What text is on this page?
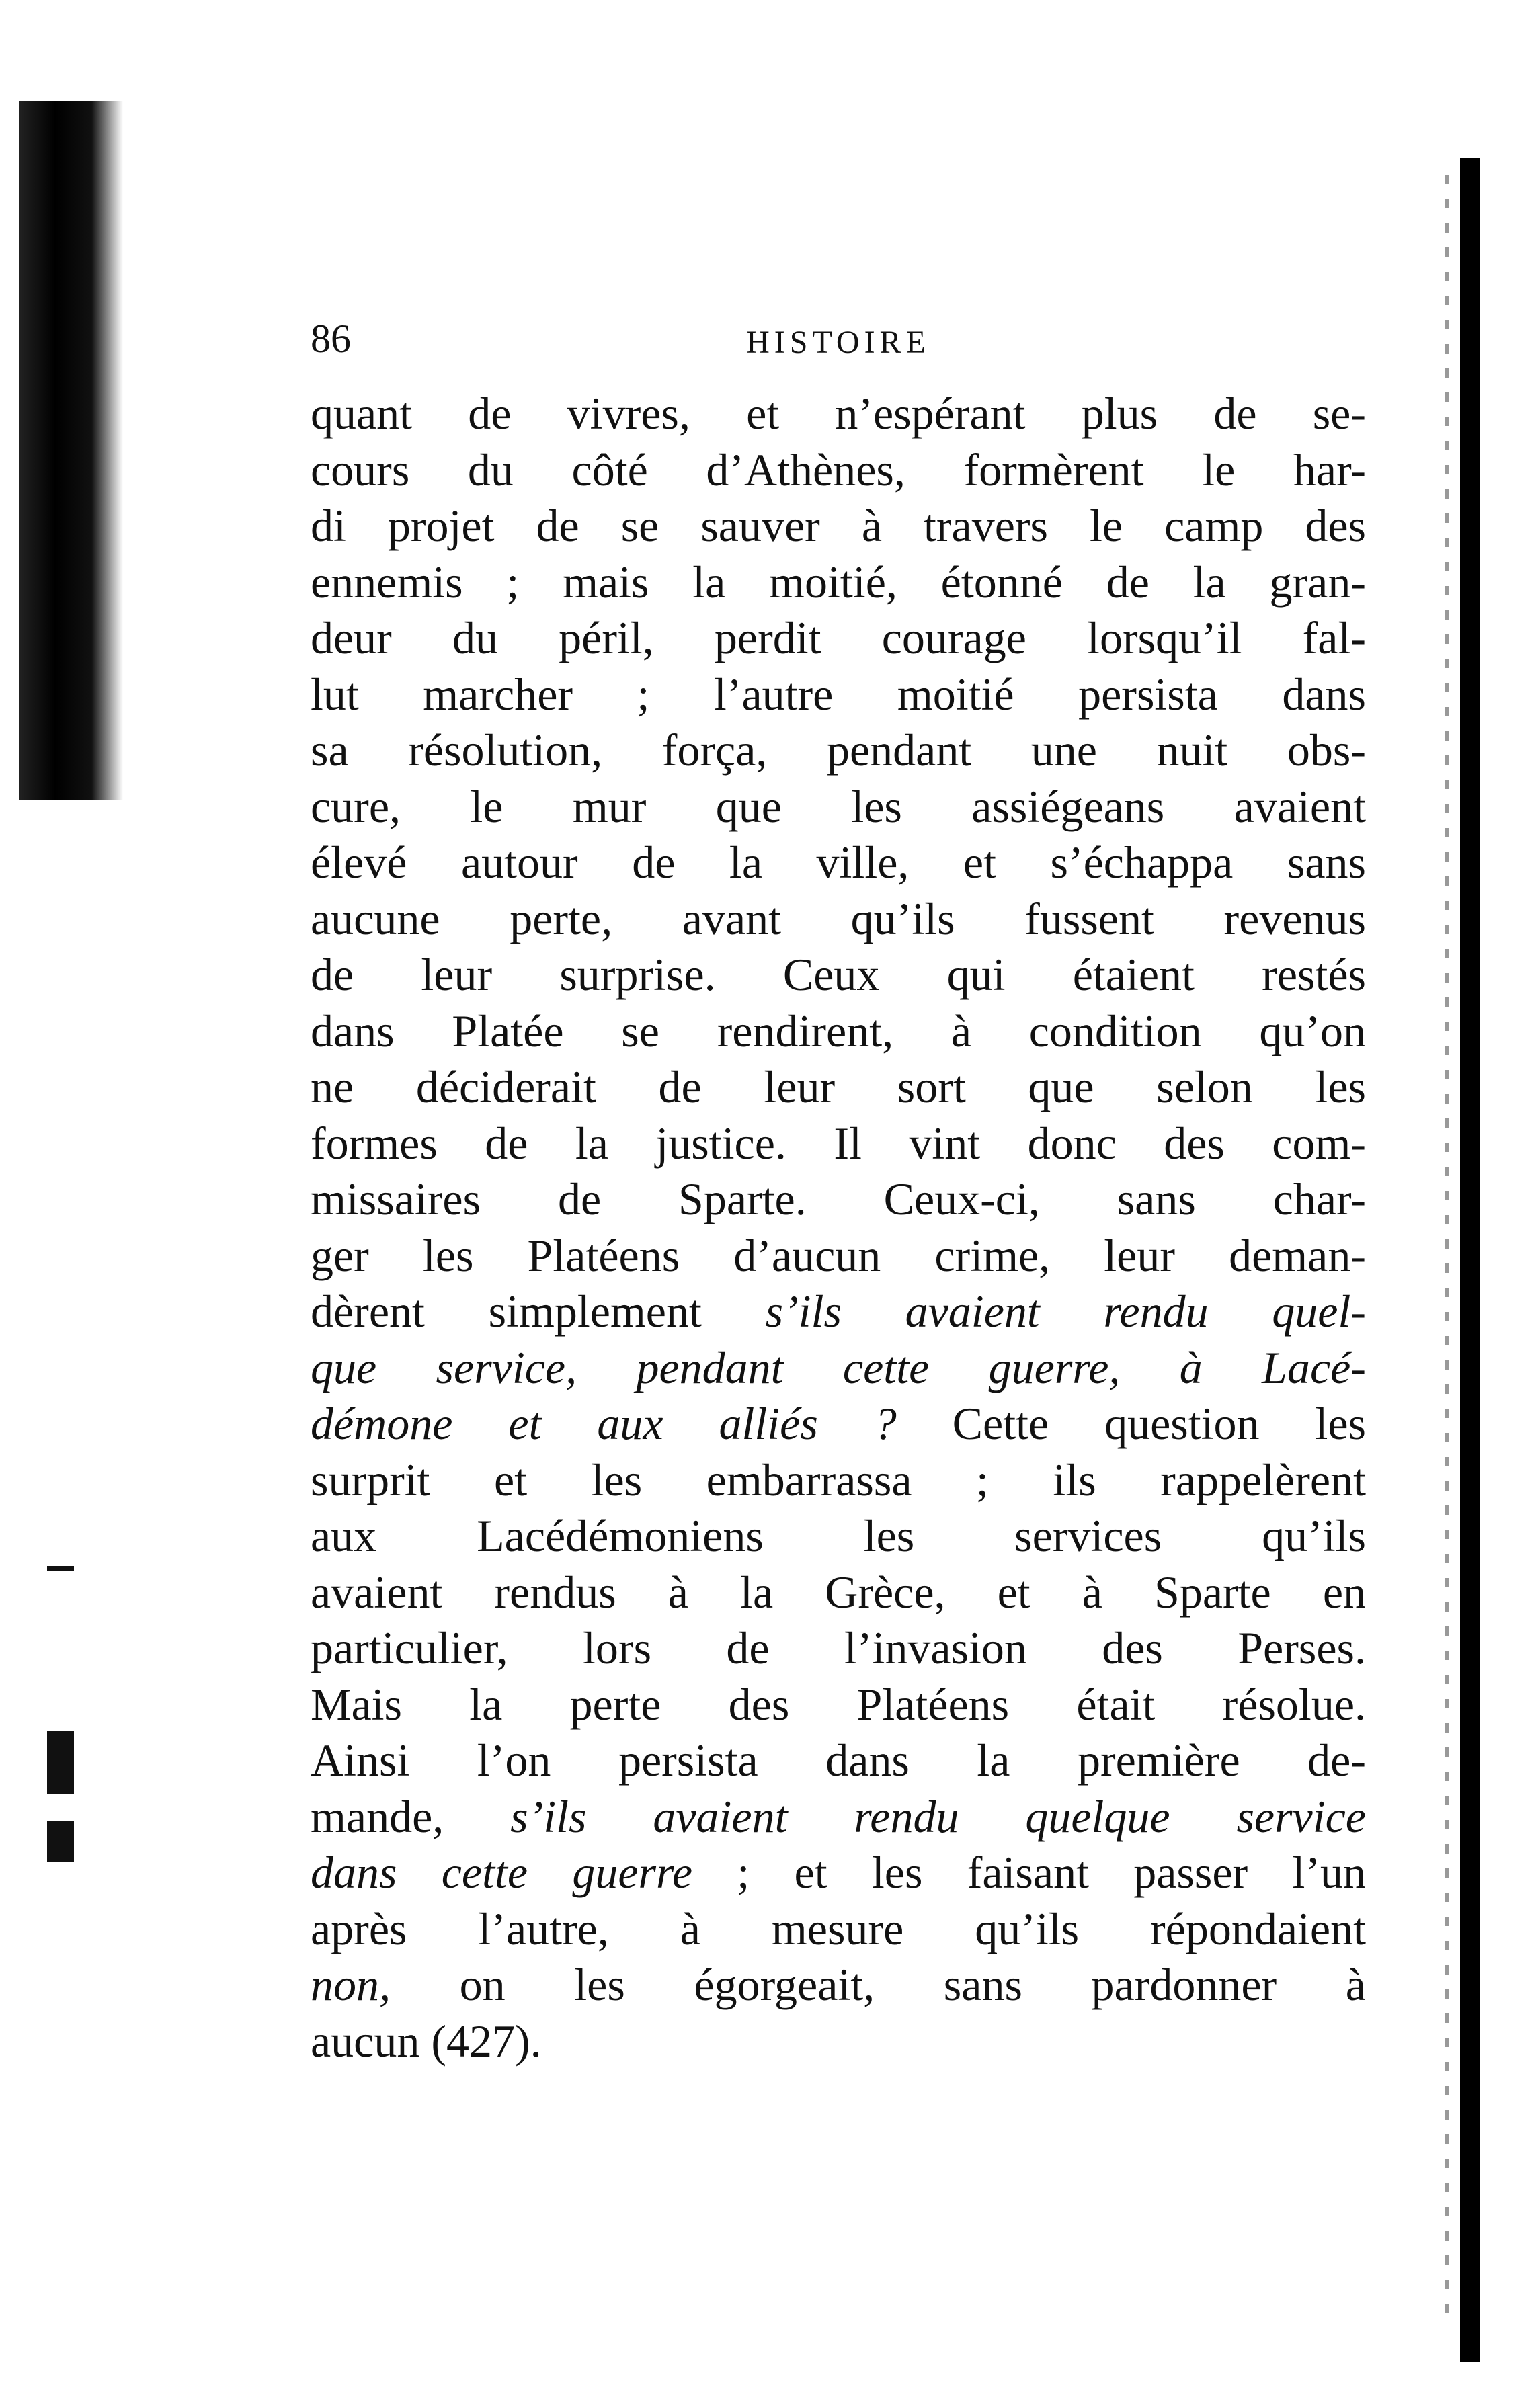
86	HISTOIRE
quant de vivres, et n’espérant plus de se-
cours du côté d’Athènes, formèrent le har-
di projet de se sauver à travers le camp des
ennemis ; mais la moitié, étonné de la gran-
deur du péril, perdit courage lorsqu’il fal-
lut marcher ; l’autre moitié persista dans
sa résolution, força, pendant une nuit obs-
cure, le mur que les assiégeans avaient
élevé autour de la ville, et s’échappa sans
aucune perte, avant qu’ils fussent revenus
de leur surprise. Ceux qui étaient restés
dans Platée se rendirent, à condition qu’on
ne déciderait de leur sort que selon les
formes de la justice. Il vint donc des com-
missaires de Sparte. Ceux-ci, sans char-
ger les Platéens d’aucun crime, leur deman-
dèrent simplement s’ils avaient rendu quel-
que service, pendant cette guerre, à Lacé-
démone et aux alliés ? Cette question les
surprit et les embarrassa ; ils rappelèrent
aux Lacédémoniens les services qu’ils
avaient rendus à la Grèce, et à Sparte en
particulier, lors de l’invasion des Perses.
Mais la perte des Platéens était résolue.
Ainsi l’on persista dans la première de-
mande, s’ils avaient rendu quelque service
dans cette guerre ; et les faisant passer l’un
après l’autre, à mesure qu’ils répondaient
non, on les égorgeait, sans pardonner à
aucun (427).
